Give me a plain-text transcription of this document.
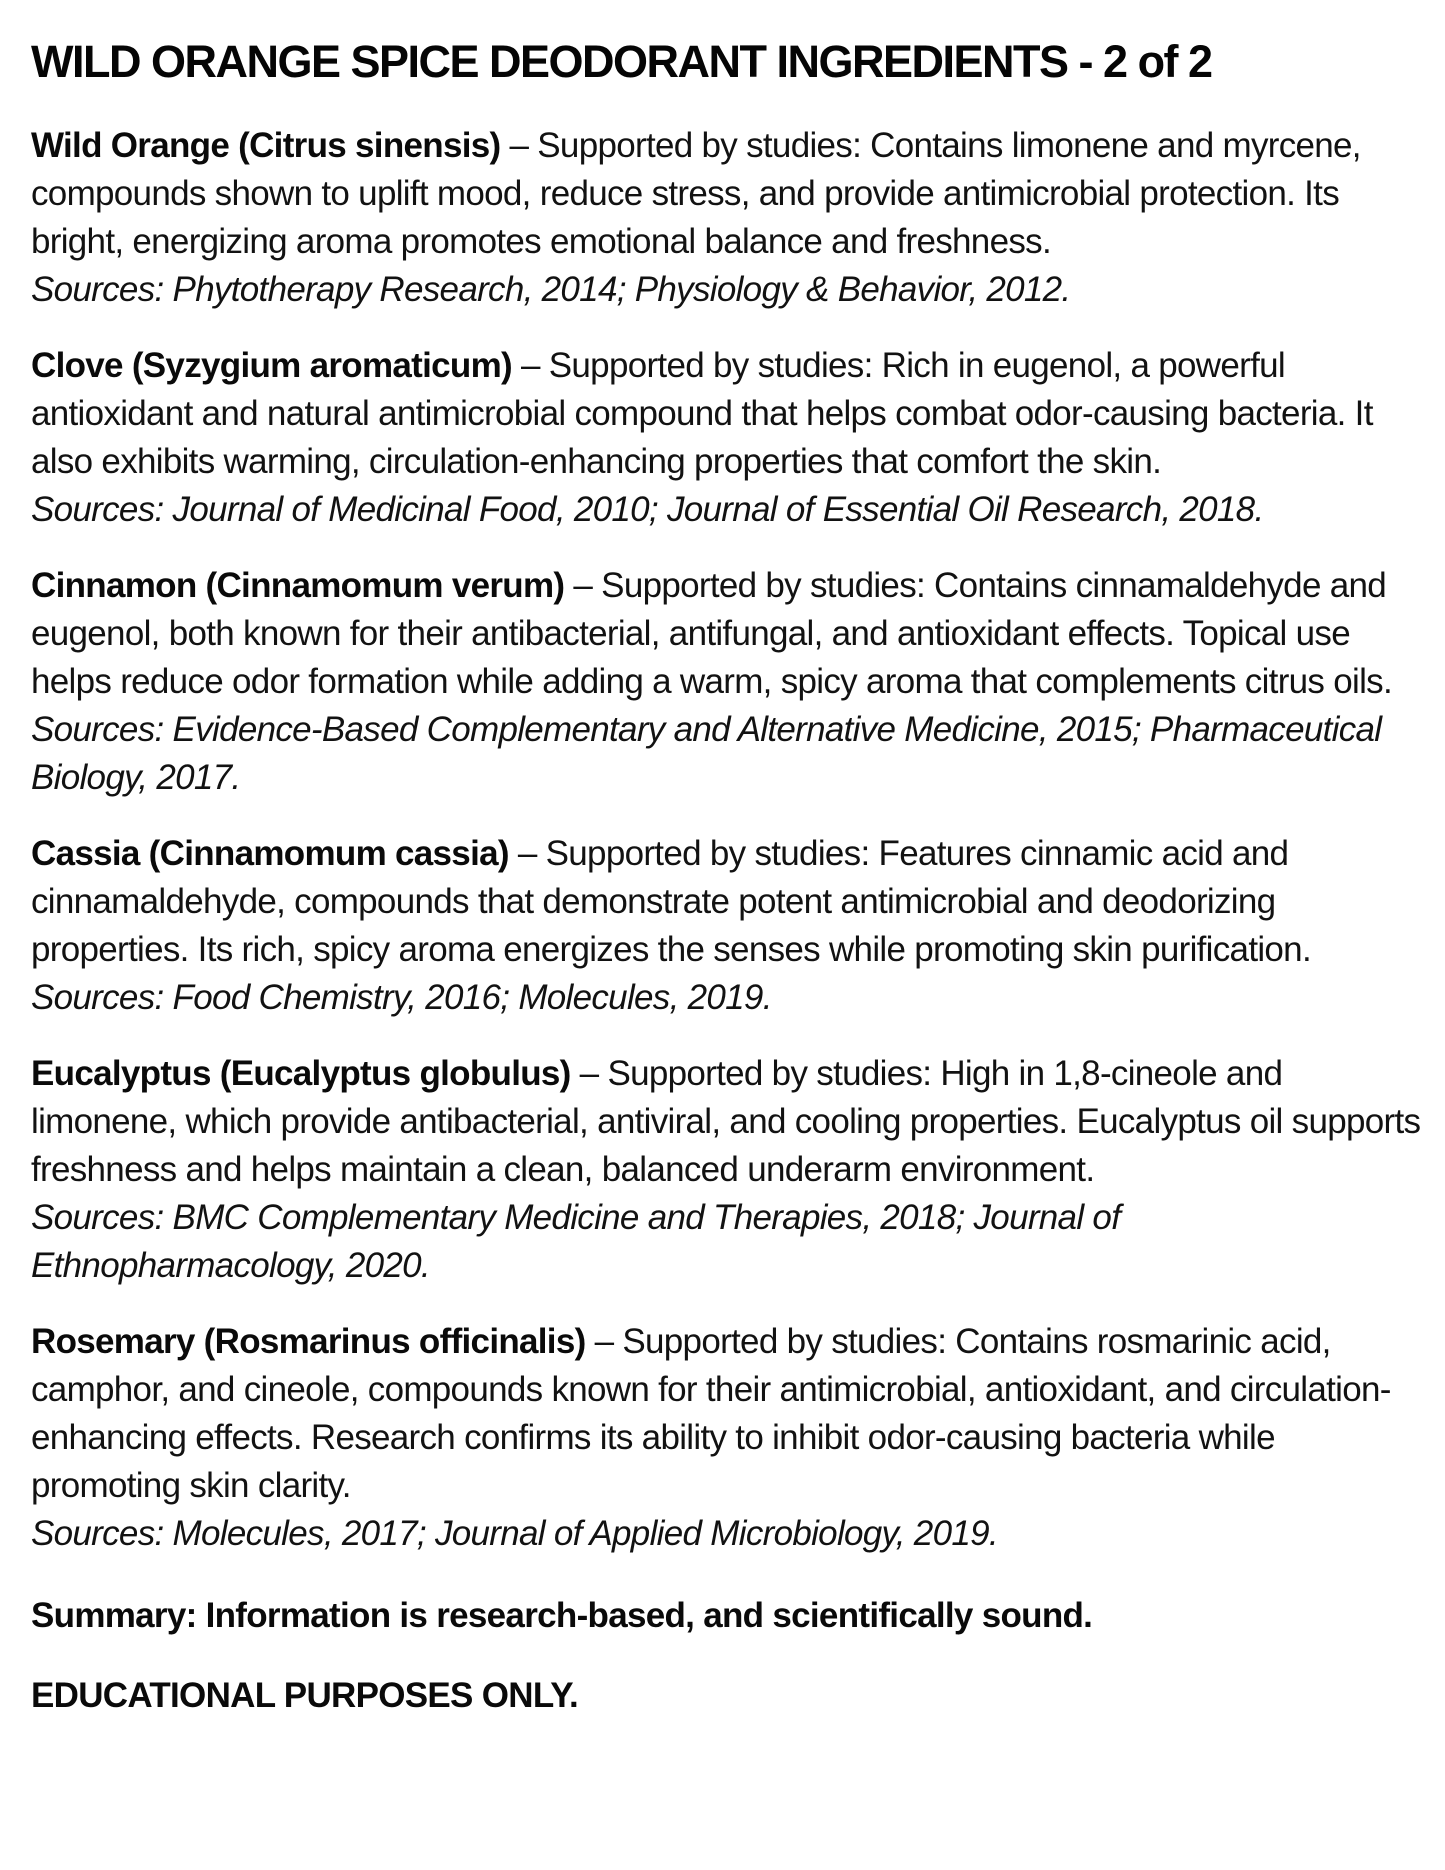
WILD ORANGE SPICE DEODORANT INGREDIENTS - 2 of 2

Wild Orange (Citrus sinensis) – Supported by studies: Contains limonene and myrcene, compounds shown to uplift mood, reduce stress, and provide antimicrobial protection. Its bright, energizing aroma promotes emotional balance and freshness.
Sources: Phytotherapy Research, 2014; Physiology & Behavior, 2012.

Clove (Syzygium aromaticum) – Supported by studies: Rich in eugenol, a powerful antioxidant and natural antimicrobial compound that helps combat odor-causing bacteria. It also exhibits warming, circulation-enhancing properties that comfort the skin.
Sources: Journal of Medicinal Food, 2010; Journal of Essential Oil Research, 2018.

Cinnamon (Cinnamomum verum) – Supported by studies: Contains cinnamaldehyde and eugenol, both known for their antibacterial, antifungal, and antioxidant effects. Topical use helps reduce odor formation while adding a warm, spicy aroma that complements citrus oils.
Sources: Evidence-Based Complementary and Alternative Medicine, 2015; Pharmaceutical Biology, 2017.

Cassia (Cinnamomum cassia) – Supported by studies: Features cinnamic acid and cinnamaldehyde, compounds that demonstrate potent antimicrobial and deodorizing properties. Its rich, spicy aroma energizes the senses while promoting skin purification.
Sources: Food Chemistry, 2016; Molecules, 2019.

Eucalyptus (Eucalyptus globulus) – Supported by studies: High in 1,8-cineole and limonene, which provide antibacterial, antiviral, and cooling properties. Eucalyptus oil supports freshness and helps maintain a clean, balanced underarm environment.
Sources: BMC Complementary Medicine and Therapies, 2018; Journal of Ethnopharmacology, 2020.

Rosemary (Rosmarinus officinalis) – Supported by studies: Contains rosmarinic acid, camphor, and cineole, compounds known for their antimicrobial, antioxidant, and circulation-enhancing effects. Research confirms its ability to inhibit odor-causing bacteria while promoting skin clarity.
Sources: Molecules, 2017; Journal of Applied Microbiology, 2019.

Summary: Information is research-based, and scientifically sound.

EDUCATIONAL PURPOSES ONLY.
